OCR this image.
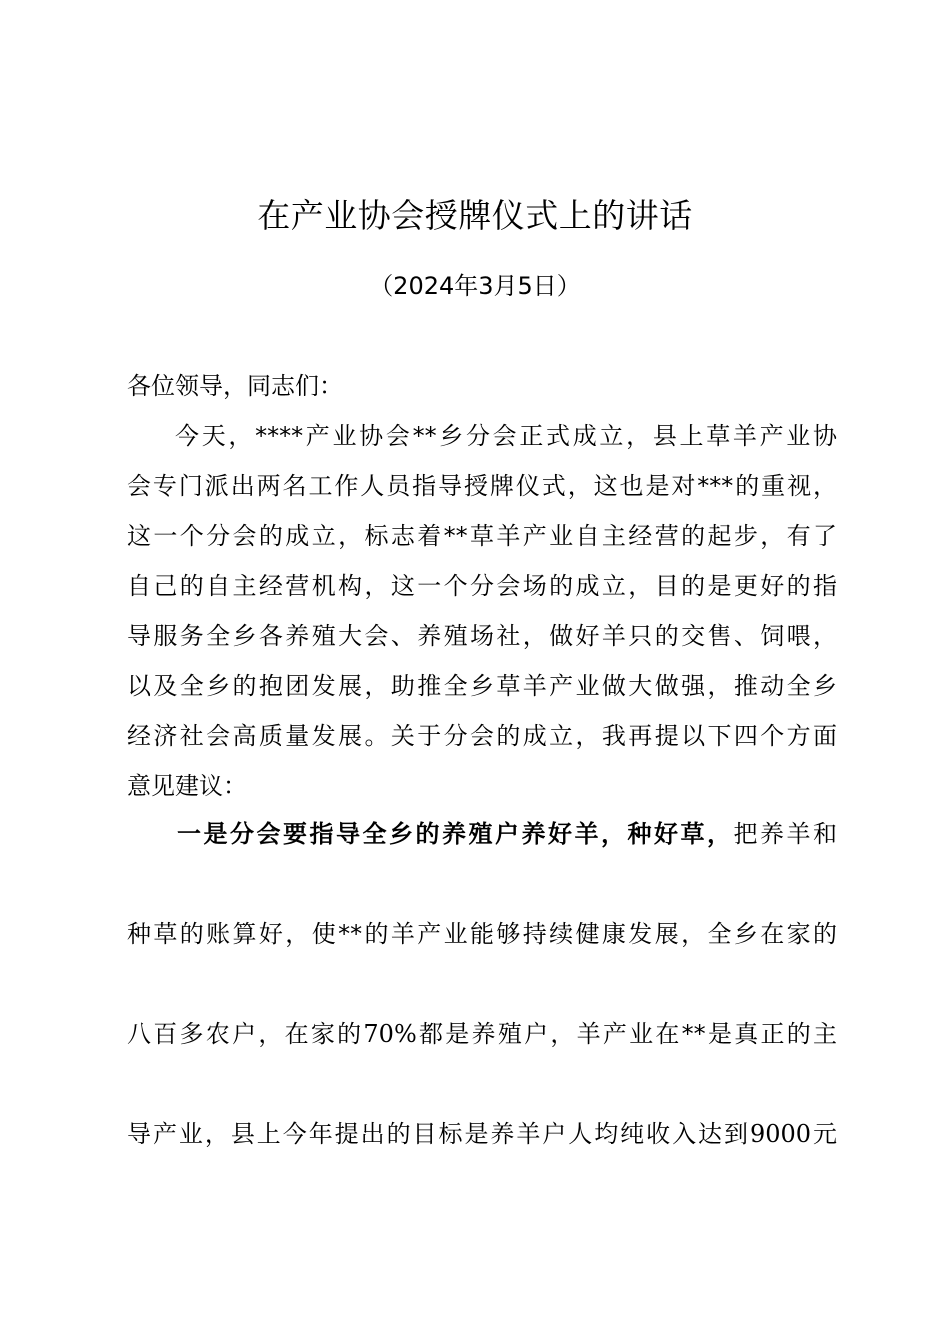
在产业协会授牌仪式上的讲话
（2024年3月5日）
各位领导，同志们：
今天，****产业协会**乡分会正式成立，县上草羊产业协
会专门派出两名工作人员指导授牌仪式，这也是对***的重视，
这一个分会的成立，标志着**草羊产业自主经营的起步，有了
自己的自主经营机构，这一个分会场的成立，目的是更好的指
导服务全乡各养殖大会、养殖场社，做好羊只的交售、饲喂，
以及全乡的抱团发展，助推全乡草羊产业做大做强，推动全乡
经济社会高质量发展。关于分会的成立，我再提以下四个方面
意见建议：
一是分会要指导全乡的养殖户养好羊，种好草，把养羊和
种草的账算好，使**的羊产业能够持续健康发展，全乡在家的
八百多农户，在家的70%都是养殖户，羊产业在**是真正的主
导产业，县上今年提出的目标是养羊户人均纯收入达到9000元
